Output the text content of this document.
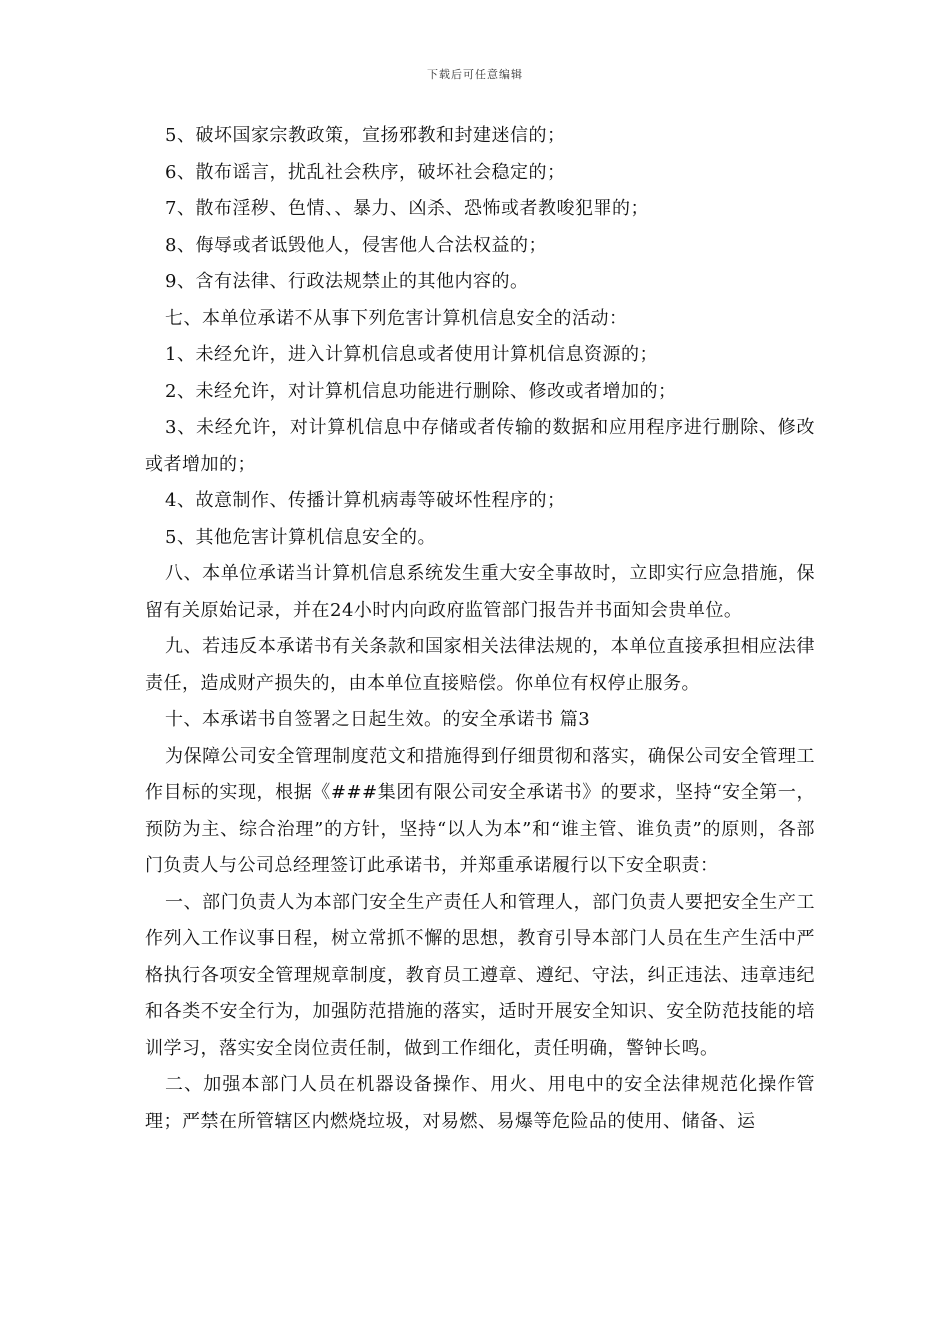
下载后可任意编辑

5、破坏国家宗教政策，宣扬邪教和封建迷信的；

6、散布谣言，扰乱社会秩序，破坏社会稳定的；

7、散布淫秽、色情、、暴力、凶杀、恐怖或者教唆犯罪的；

8、侮辱或者诋毁他人，侵害他人合法权益的；

9、含有法律、行政法规禁止的其他内容的。

七、本单位承诺不从事下列危害计算机信息安全的活动：

1、未经允许，进入计算机信息或者使用计算机信息资源的；

2、未经允许，对计算机信息功能进行删除、修改或者增加的；

3、未经允许，对计算机信息中存储或者传输的数据和应用程序进行删除、修改或者增加的；

4、故意制作、传播计算机病毒等破坏性程序的；

5、其他危害计算机信息安全的。

八、本单位承诺当计算机信息系统发生重大安全事故时，立即实行应急措施，保留有关原始记录，并在24小时内向政府监管部门报告并书面知会贵单位。

九、若违反本承诺书有关条款和国家相关法律法规的，本单位直接承担相应法律责任，造成财产损失的，由本单位直接赔偿。你单位有权停止服务。

十、本承诺书自签署之日起生效。的安全承诺书 篇3

为保障公司安全管理制度范文和措施得到仔细贯彻和落实，确保公司安全管理工作目标的实现，根据《###集团有限公司安全承诺书》的要求，坚持“安全第一，预防为主、综合治理”的方针，坚持“以人为本”和“谁主管、谁负责”的原则，各部门负责人与公司总经理签订此承诺书，并郑重承诺履行以下安全职责：

一、部门负责人为本部门安全生产责任人和管理人，部门负责人要把安全生产工作列入工作议事日程，树立常抓不懈的思想，教育引导本部门人员在生产生活中严格执行各项安全管理规章制度，教育员工遵章、遵纪、守法，纠正违法、违章违纪和各类不安全行为，加强防范措施的落实，适时开展安全知识、安全防范技能的培训学习，落实安全岗位责任制，做到工作细化，责任明确，警钟长鸣。

二、加强本部门人员在机器设备操作、用火、用电中的安全法律规范化操作管理；严禁在所管辖区内燃烧垃圾，对易燃、易爆等危险品的使用、储备、运
